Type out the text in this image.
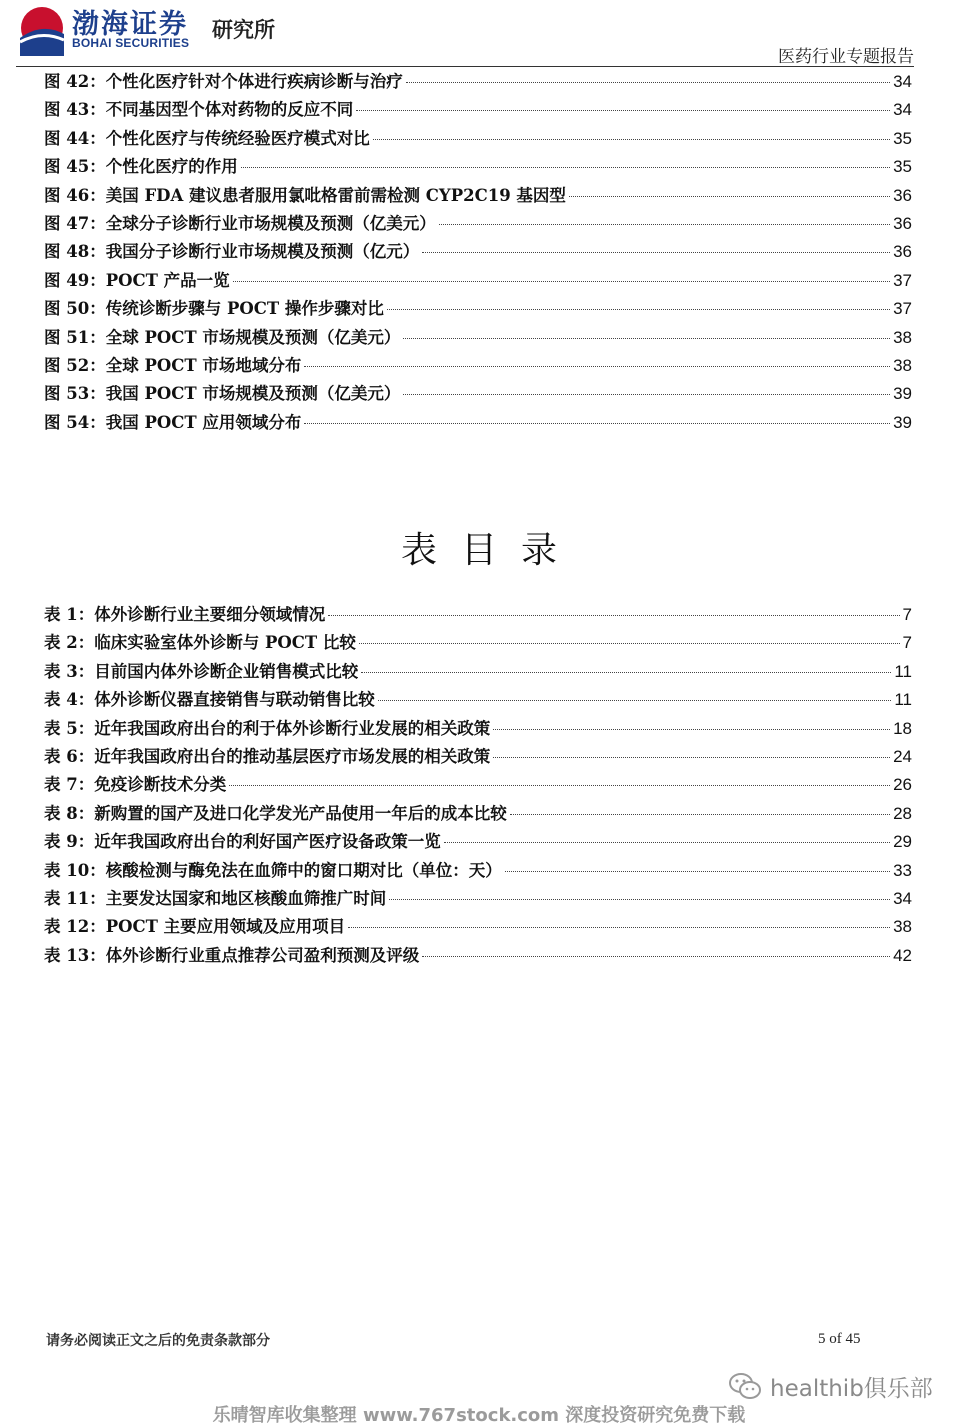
渤海证券
BOHAI SECURITIES
研究所
医药行业专题报告
图 42： 个性化医疗针对个体进行疾病诊断与治疗	34
图 43： 不同基因型个体对药物的反应不同	34
图 44： 个性化医疗与传统经验医疗模式对比	35
图 45： 个性化医疗的作用	35
图 46： 美国 FDA 建议患者服用氯吡格雷前需检测 CYP2C19 基因型	36
图 47： 全球分子诊断行业市场规模及预测（亿美元）	36
图 48： 我国分子诊断行业市场规模及预测（亿元）	36
图 49： POCT 产品一览	37
图 50： 传统诊断步骤与 POCT 操作步骤对比	37
图 51： 全球 POCT 市场规模及预测（亿美元）	38
图 52： 全球 POCT 市场地域分布	38
图 53： 我国 POCT 市场规模及预测（亿美元）	39
图 54： 我国 POCT 应用领域分布	39
表目录
表 1： 体外诊断行业主要细分领域情况	7
表 2： 临床实验室体外诊断与 POCT 比较	7
表 3： 目前国内体外诊断企业销售模式比较	11
表 4： 体外诊断仪器直接销售与联动销售比较	11
表 5： 近年我国政府出台的利于体外诊断行业发展的相关政策	18
表 6： 近年我国政府出台的推动基层医疗市场发展的相关政策	24
表 7： 免疫诊断技术分类	26
表 8： 新购置的国产及进口化学发光产品使用一年后的成本比较	28
表 9： 近年我国政府出台的利好国产医疗设备政策一览	29
表 10： 核酸检测与酶免法在血筛中的窗口期对比（单位：天）	33
表 11： 主要发达国家和地区核酸血筛推广时间	34
表 12： POCT 主要应用领域及应用项目	38
表 13： 体外诊断行业重点推荐公司盈利预测及评级	42
请务必阅读正文之后的免责条款部分	5 of 45
healthib俱乐部
乐晴智库收集整理 www.767stock.com 深度投资研究免费下载
